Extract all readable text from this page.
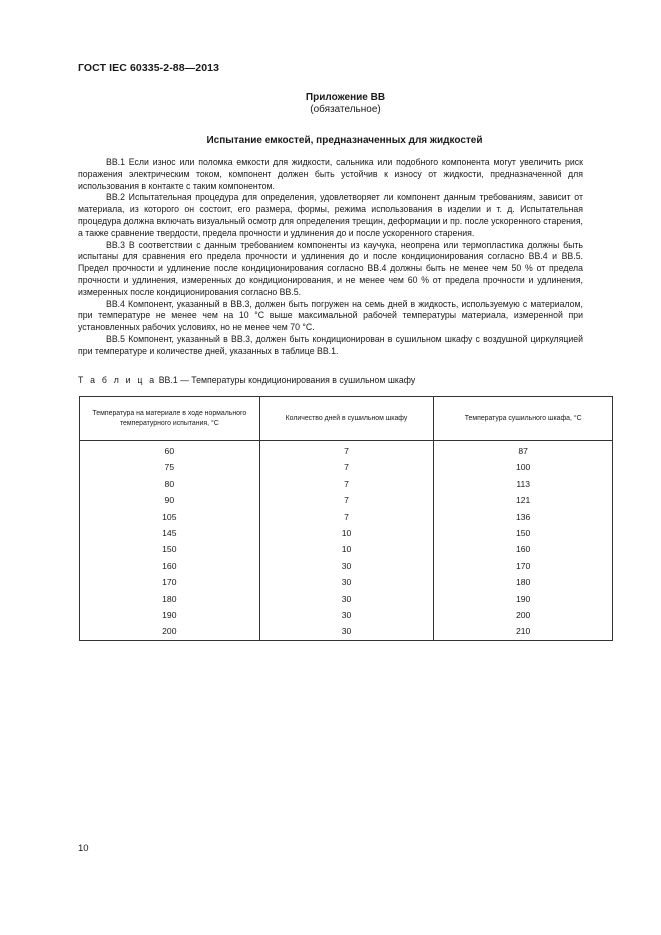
ГОСТ IEC 60335-2-88—2013
Приложение ВВ
(обязательное)
Испытание емкостей, предназначенных для жидкостей

ВВ.1 Если износ или поломка емкости для жидкости, сальника или подобного компонента могут увеличить риск поражения электрическим током, компонент должен быть устойчив к износу от жидкости, предназначенной для использования в контакте с таким компонентом.

ВВ.2 Испытательная процедура для определения, удовлетворяет ли компонент данным требованиям, зависит от материала, из которого он состоит, его размера, формы, режима использования в изделии и т. д. Испытательная процедура должна включать визуальный осмотр для определения трещин, деформации и пр. после ускоренного старения, а также сравнение твердости, предела прочности и удлинения до и после ускоренного старения.

ВВ.3 В соответствии с данным требованием компоненты из каучука, неопрена или термопластика должны быть испытаны для сравнения его предела прочности и удлинения до и после кондиционирования согласно ВВ.4 и ВВ.5. Предел прочности и удлинение после кондиционирования согласно ВВ.4 должны быть не менее чем 50 % от предела прочности и удлинения, измеренных до кондиционирования, и не менее чем 60 % от предела прочности и удлинения, измеренных после кондиционирования согласно ВВ.5.

ВВ.4 Компонент, указанный в ВВ.3, должен быть погружен на семь дней в жидкость, используемую с материалом, при температуре не менее чем на 10 °С выше максимальной рабочей температуры материала, измеренной при установленных рабочих условиях, но не менее чем 70 °С.

ВВ.5 Компонент, указанный в ВВ.3, должен быть кондиционирован в сушильном шкафу с воздушной циркуляцией при температуре и количестве дней, указанных в таблице ВВ.1.

Т а б л и ц а ВВ.1 — Температуры кондиционирования в сушильном шкафу
Температура на материале в ходе нормального температурного испытания, °С	Количество дней в сушильном шкафу	Температура сушильного шкафа, °С
60	7	87
75	7	100
80	7	113
90	7	121
105	7	136
145	10	150
150	10	160
160	30	170
170	30	180
180	30	190
190	30	200
200	30	210
10
